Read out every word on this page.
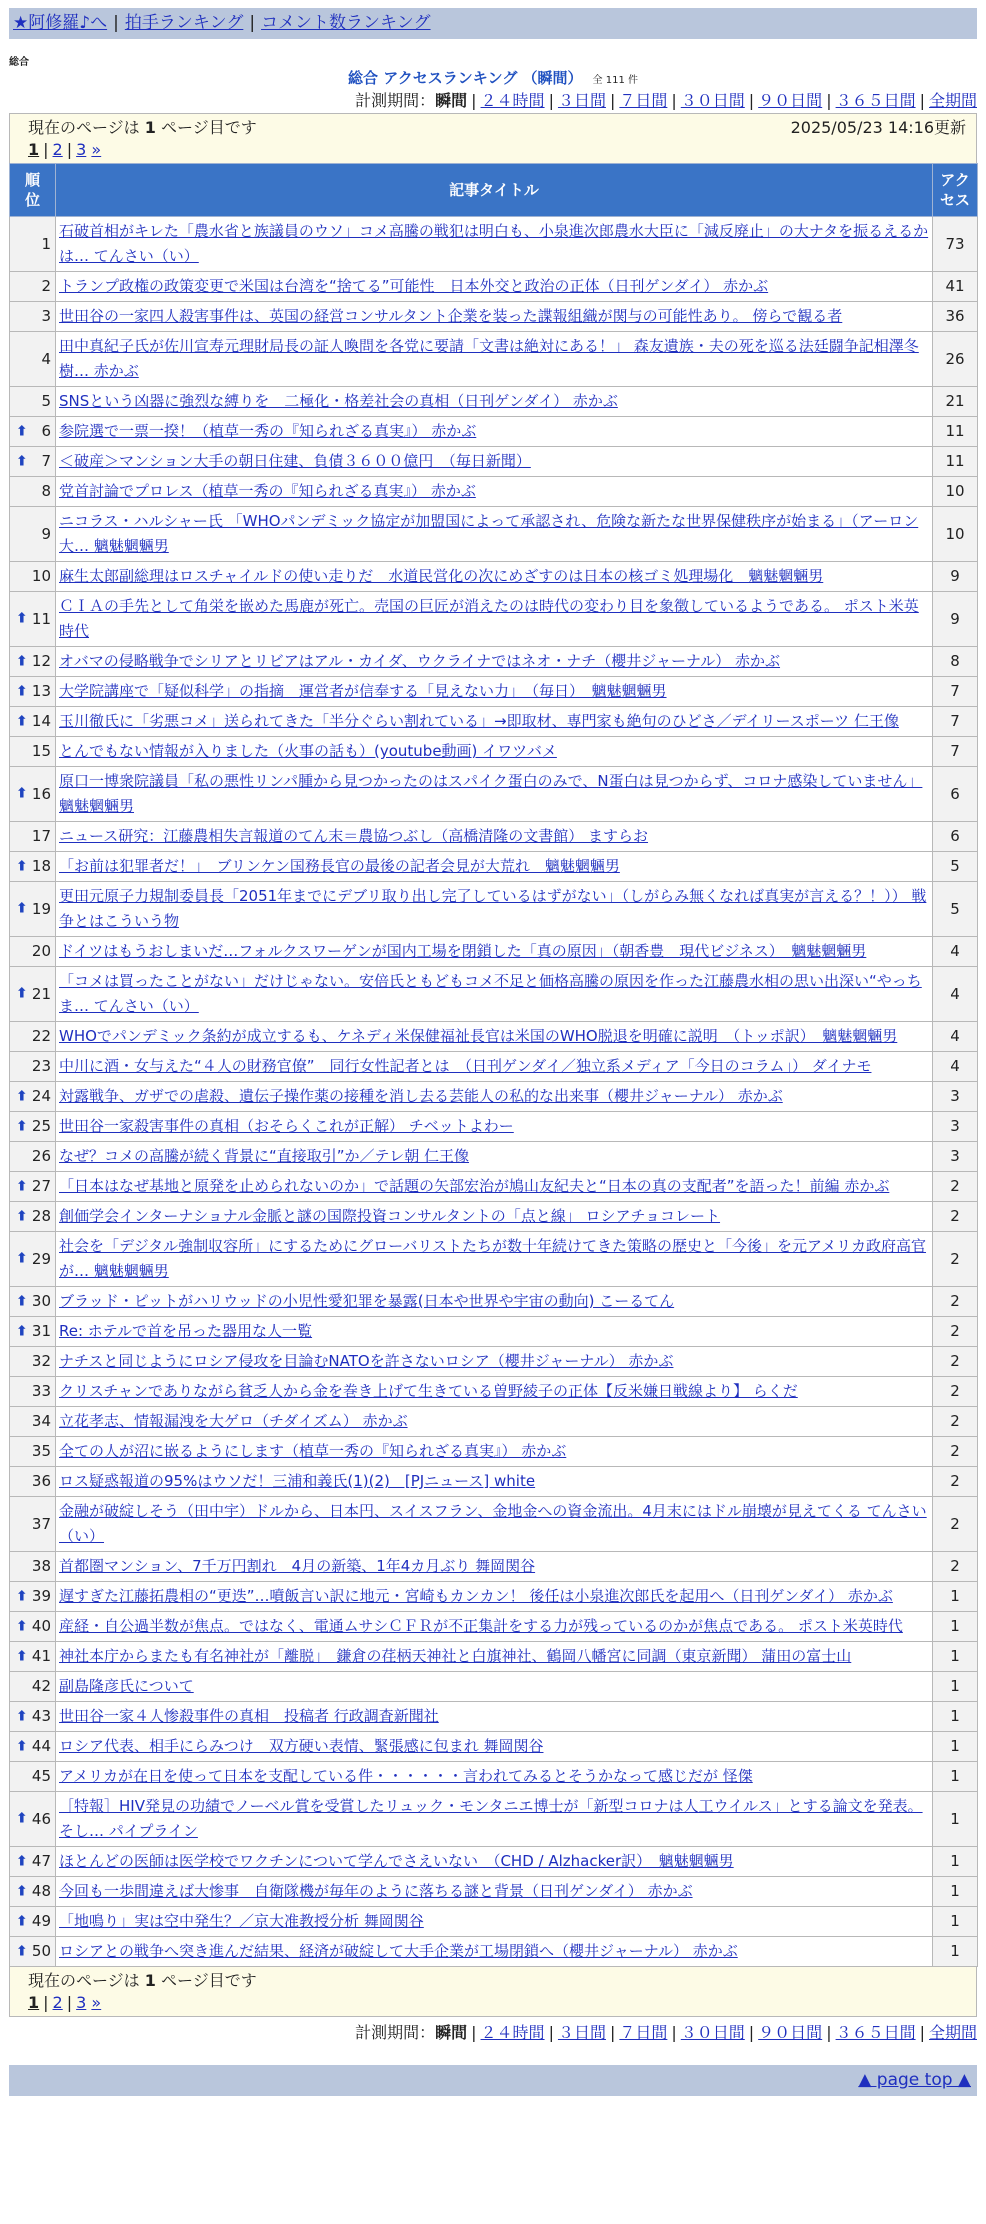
★阿修羅♪へ | 拍手ランキング | コメント数ランキング
総合
総合 アクセスランキング （瞬間） 全 111 件
計測期間：瞬間 | ２４時間 | ３日間 | ７日間 | ３０日間 | ９０日間 | ３６５日間 | 全期間
現在のページは 1 ページ目です	2025/05/23 14:16更新
1 | 2 | 3 »
順位	記事タイトル	アクセス
1	石破首相がキレた「農水省と族議員のウソ」コメ高騰の戦犯は明白も、小泉進次郎農水大臣に「減反廃止」の大ナタを振るえるかは… てんさい（い）	73
2	トランプ政権の政策変更で米国は台湾を“捨てる”可能性　日本外交と政治の正体（日刊ゲンダイ） 赤かぶ	41
3	世田谷の一家四人殺害事件は、英国の経営コンサルタント企業を装った諜報組織が関与の可能性あり。 傍らで観る者	36
4	田中真紀子氏が佐川宣寿元理財局長の証人喚問を各党に要請「文書は絶対にある！」 森友遺族・夫の死を巡る法廷闘争記相澤冬樹… 赤かぶ	26
5	SNSという凶器に強烈な縛りを　二極化・格差社会の真相（日刊ゲンダイ） 赤かぶ	21

⬆ 6	参院選で一票一揆！（植草一秀の『知られざる真実』） 赤かぶ	11

⬆ 7	＜破産＞マンション大手の朝日住建、負債３６００億円　（毎日新聞）	11
8	党首討論でプロレス（植草一秀の『知られざる真実』） 赤かぶ	10
9	ニコラス・ハルシャー氏 「WHOパンデミック協定が加盟国によって承認され、危険な新たな世界保健秩序が始まる」（アーロン大… 魑魅魍魎男	10
10	麻生太郎副総理はロスチャイルドの使い走りだ　水道民営化の次にめざすのは日本の核ゴミ処理場化　魑魅魍魎男	9

⬆ 11	ＣＩＡの手先として角栄を嵌めた馬鹿が死亡。売国の巨匠が消えたのは時代の変わり目を象徴しているようである。 ポスト米英時代	9

⬆ 12	オバマの侵略戦争でシリアとリビアはアル・カイダ、ウクライナではネオ・ナチ（櫻井ジャーナル） 赤かぶ	8

⬆ 13	大学院講座で「疑似科学」の指摘　運営者が信奉する「見えない力」　（毎日）　魑魅魍魎男	7

⬆ 14	玉川徹氏に「劣悪コメ」送られてきた「半分ぐらい割れている」→即取材、専門家も絶句のひどさ／デイリースポーツ 仁王像	7
15	とんでもない情報が入りました（火事の話も）(youtube動画) イワツバメ	7

⬆ 16	原口一博衆院議員「私の悪性リンパ腫から見つかったのはスパイク蛋白のみで、N蛋白は見つからず、コロナ感染していません」 魑魅魍魎男	6
17	ニュース研究：江藤農相失言報道のてん末＝農協つぶし（高橋清隆の文書館） ますらお	6

⬆ 18	「お前は犯罪者だ！」　ブリンケン国務長官の最後の記者会見が大荒れ　魑魅魍魎男	5

⬆ 19	更田元原子力規制委員長「2051年までにデブリ取り出し完了しているはずがない」（しがらみ無くなれば真実が言える？！）） 戦争とはこういう物	5
20	ドイツはもうおしまいだ…フォルクスワーゲンが国内工場を閉鎖した「真の原因」（朝香豊　現代ビジネス）　魑魅魍魎男	4

⬆ 21	「コメは買ったことがない」だけじゃない。安倍氏ともどもコメ不足と価格高騰の原因を作った江藤農水相の思い出深い“やっちま… てんさい（い）	4
22	WHOでパンデミック条約が成立するも、ケネディ米保健福祉長官は米国のWHO脱退を明確に説明　（トッポ訳）　魑魅魍魎男	4
23	中川に酒・女与えた“４人の財務官僚”　同行女性記者とは　（日刊ゲンダイ／独立系メディア「今日のコラム」） ダイナモ	4

⬆ 24	対露戦争、ガザでの虐殺、遺伝子操作薬の接種を消し去る芸能人の私的な出来事（櫻井ジャーナル） 赤かぶ	3

⬆ 25	世田谷一家殺害事件の真相（おそらくこれが正解） チベットよわー	3
26	なぜ？コメの高騰が続く背景に“直接取引”か／テレ朝 仁王像	3

⬆ 27	「日本はなぜ基地と原発を止められないのか」で話題の矢部宏治が鳩山友紀夫と“日本の真の支配者”を語った！前編 赤かぶ	2

⬆ 28	創価学会インターナショナル金脈と謎の国際投資コンサルタントの「点と線」 ロシアチョコレート	2

⬆ 29	社会を「デジタル強制収容所」にするためにグローバリストたちが数十年続けてきた策略の歴史と「今後」を元アメリカ政府高官が… 魑魅魍魎男	2

⬆ 30	ブラッド・ピットがハリウッドの小児性愛犯罪を暴露(日本や世界や宇宙の動向) こーるてん	2

⬆ 31	Re: ホテルで首を吊った器用な人一覧	2
32	ナチスと同じようにロシア侵攻を目論むNATOを許さないロシア（櫻井ジャーナル） 赤かぶ	2
33	クリスチャンでありながら貧乏人から金を巻き上げて生きている曽野綾子の正体【反米嫌日戦線より】 らくだ	2
34	立花孝志、情報漏洩を大ゲロ（チダイズム） 赤かぶ	2
35	全ての人が沼に嵌るようにします（植草一秀の『知られざる真実』） 赤かぶ	2
36	ロス疑惑報道の95%はウソだ！三浦和義氏(1)(2)　[PJニュース] white	2
37	金融が破綻しそう（田中宇）ドルから、日本円、スイスフラン、金地金への資金流出。4月末にはドル崩壊が見えてくる てんさい（い）	2
38	首都圏マンション、7千万円割れ　4月の新築、1年4カ月ぶり 舞岡関谷	2

⬆ 39	遅すぎた江藤拓農相の“更迭”…噴飯言い訳に地元・宮崎もカンカン！ 後任は小泉進次郎氏を起用へ（日刊ゲンダイ） 赤かぶ	1

⬆ 40	産経・自公過半数が焦点。ではなく、電通ムサシＣＦＲが不正集計をする力が残っているのかが焦点である。 ポスト米英時代	1

⬆ 41	神社本庁からまたも有名神社が「離脱」　鎌倉の荏柄天神社と白旗神社、鶴岡八幡宮に同調（東京新聞） 蒲田の富士山	1
42	副島隆彦氏について	1

⬆ 43	世田谷一家４人惨殺事件の真相　投稿者 行政調査新聞社	1

⬆ 44	ロシア代表、相手にらみつけ　双方硬い表情、緊張感に包まれ 舞岡関谷	1
45	アメリカが在日を使って日本を支配している件・・・・・・言われてみるとそうかなって感じだが 怪傑	1

⬆ 46	［特報］HIV発見の功績でノーベル賞を受賞したリュック・モンタニエ博士が「新型コロナは人工ウイルス」とする論文を発表。そし… パイプライン	1

⬆ 47	ほとんどの医師は医学校でワクチンについて学んでさえいない　（CHD / Alzhacker訳）　魑魅魍魎男	1

⬆ 48	今回も一歩間違えば大惨事　自衛隊機が毎年のように落ちる謎と背景（日刊ゲンダイ） 赤かぶ	1

⬆ 49	「地鳴り」実は空中発生？／京大准教授分析 舞岡関谷	1

⬆ 50	ロシアとの戦争へ突き進んだ結果、経済が破綻して大手企業が工場閉鎖へ（櫻井ジャーナル） 赤かぶ	1
現在のページは 1 ページ目です
1 | 2 | 3 »
計測期間：瞬間 | ２４時間 | ３日間 | ７日間 | ３０日間 | ９０日間 | ３６５日間 | 全期間
▲ page top ▲
